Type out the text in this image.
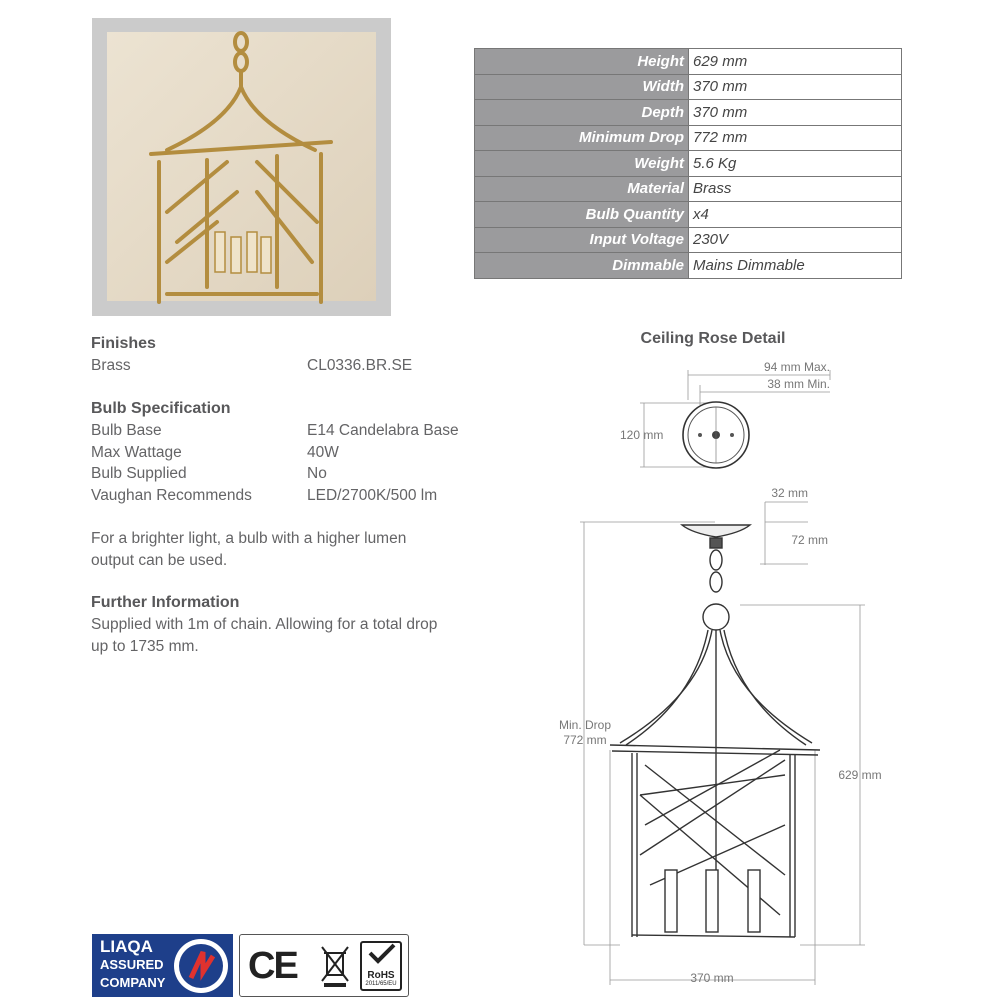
Height	629 mm
Width	370 mm
Depth	370 mm
Minimum Drop	772 mm
Weight	5.6 Kg
Material	Brass
Bulb Quantity	x4
Input Voltage	230V
Dimmable	Mains Dimmable
Finishes
Brass	CL0336.BR.SE
Bulb Specification
Bulb Base	E14 Candelabra Base
Max Wattage	40W
Bulb Supplied	No
Vaughan Recommends	LED/2700K/500 lm
For a brighter light, a bulb with a higher lumen
output can be used.
Further Information
Supplied with 1m of chain. Allowing for a total drop
up to 1735 mm.
Ceiling Rose Detail
94 mm Max.
38 mm Min.
120 mm
32 mm
72 mm
Min. Drop
772 mm
629 mm
370 mm
LIAQA
ASSURED
COMPANY CE	RoHS
2011/65/EU
